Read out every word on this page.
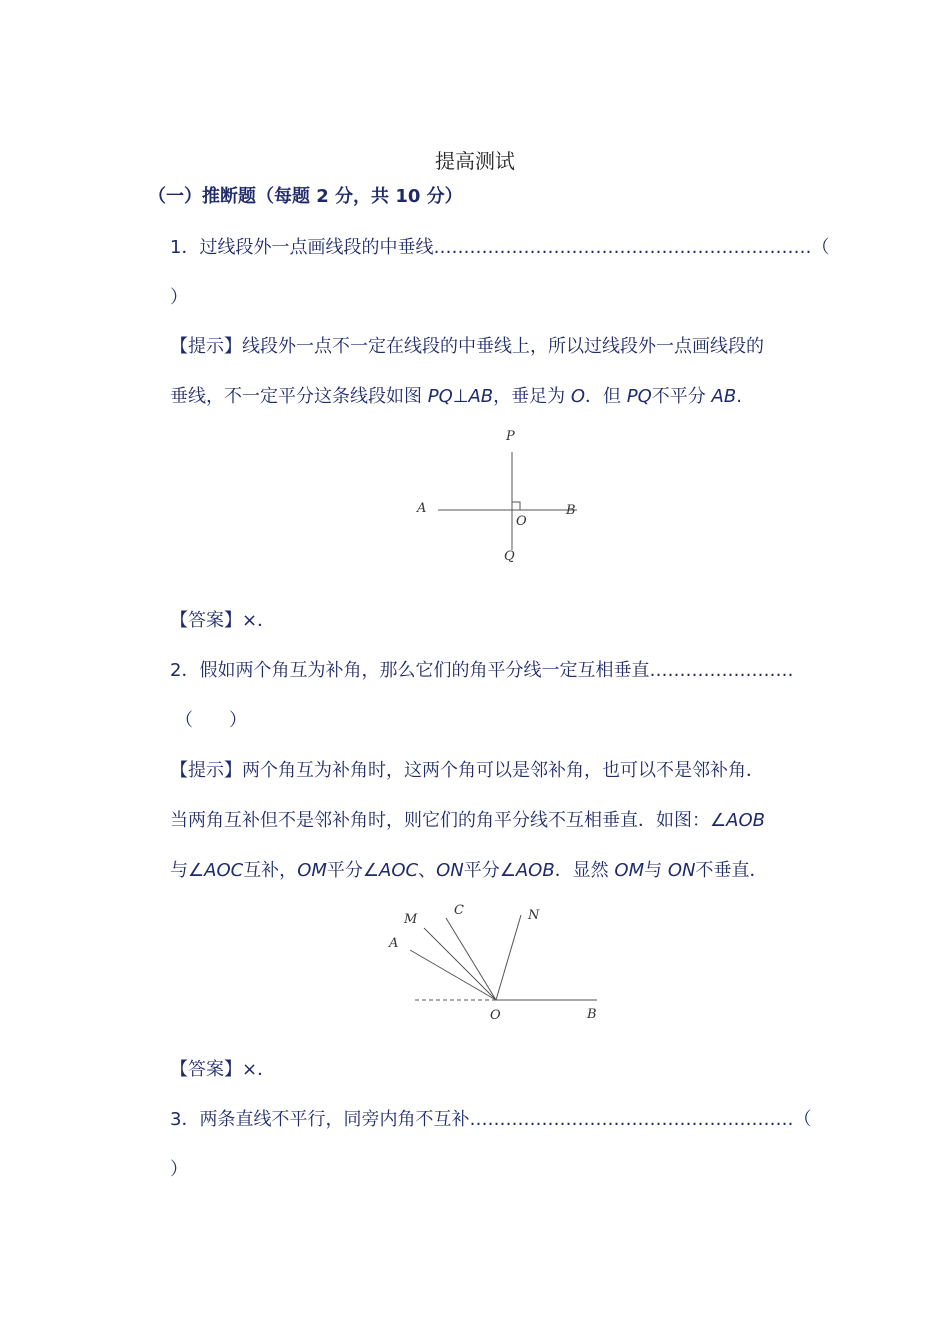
提高测试
（一）推断题（每题 2 分，共 10 分）
1．过线段外一点画线段的中垂线………………………………………………………（
）
【提示】线段外一点不一定在线段的中垂线上，所以过线段外一点画线段的
垂线，不一定平分这条线段如图 PQ⊥AB，垂足为 O．但 PQ不平分 AB.
P
A
O
B
Q
【答案】×．
2．假如两个角互为补角，那么它们的角平分线一定互相垂直……………………
（　　）
【提示】两个角互为补角时，这两个角可以是邻补角，也可以不是邻补角．
当两角互补但不是邻补角时，则它们的角平分线不互相垂直．如图：∠AOB
与∠AOC互补，OM平分∠AOC、ON平分∠AOB．显然 OM与 ON不垂直．
M
C	N
A
O	B
【答案】×．
3．两条直线不平行，同旁内角不互补………………………………………………（
）
